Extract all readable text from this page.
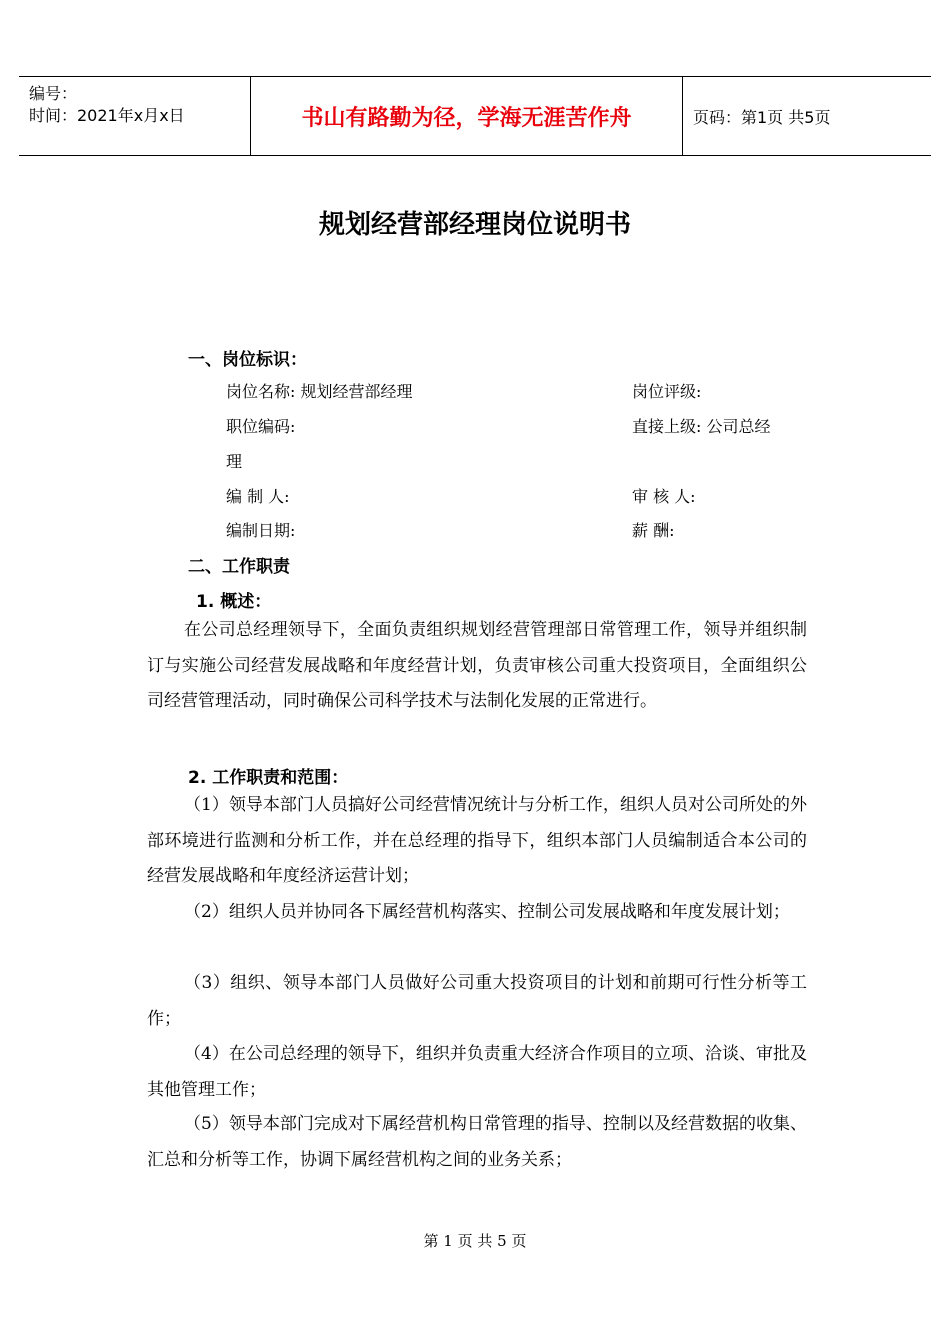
编号：
时间：2021年x月x日	书山有路勤为径，学海无涯苦作舟	页码：第1页 共5页
规划经营部经理岗位说明书
一、岗位标识：
岗位名称: 规划经营部经理	岗位评级:
职位编码:	直接上级: 公司总经
理
编 制 人:	审 核 人:
编制日期:	薪 酬:
二、工作职责
1. 概述：

在公司总经理领导下，全面负责组织规划经营管理部日常管理工作，领导并组织制订与实施公司经营发展战略和年度经营计划，负责审核公司重大投资项目，全面组织公司经营管理活动，同时确保公司科学技术与法制化发展的正常进行。

2. 工作职责和范围：

（1）领导本部门人员搞好公司经营情况统计与分析工作，组织人员对公司所处的外部环境进行监测和分析工作，并在总经理的指导下，组织本部门人员编制适合本公司的经营发展战略和年度经济运营计划；

（2）组织人员并协同各下属经营机构落实、控制公司发展战略和年度发展计划；

（3）组织、领导本部门人员做好公司重大投资项目的计划和前期可行性分析等工作；

（4）在公司总经理的领导下，组织并负责重大经济合作项目的立项、洽谈、审批及其他管理工作；

（5）领导本部门完成对下属经营机构日常管理的指导、控制以及经营数据的收集、汇总和分析等工作，协调下属经营机构之间的业务关系；

第 1 页 共 5 页
